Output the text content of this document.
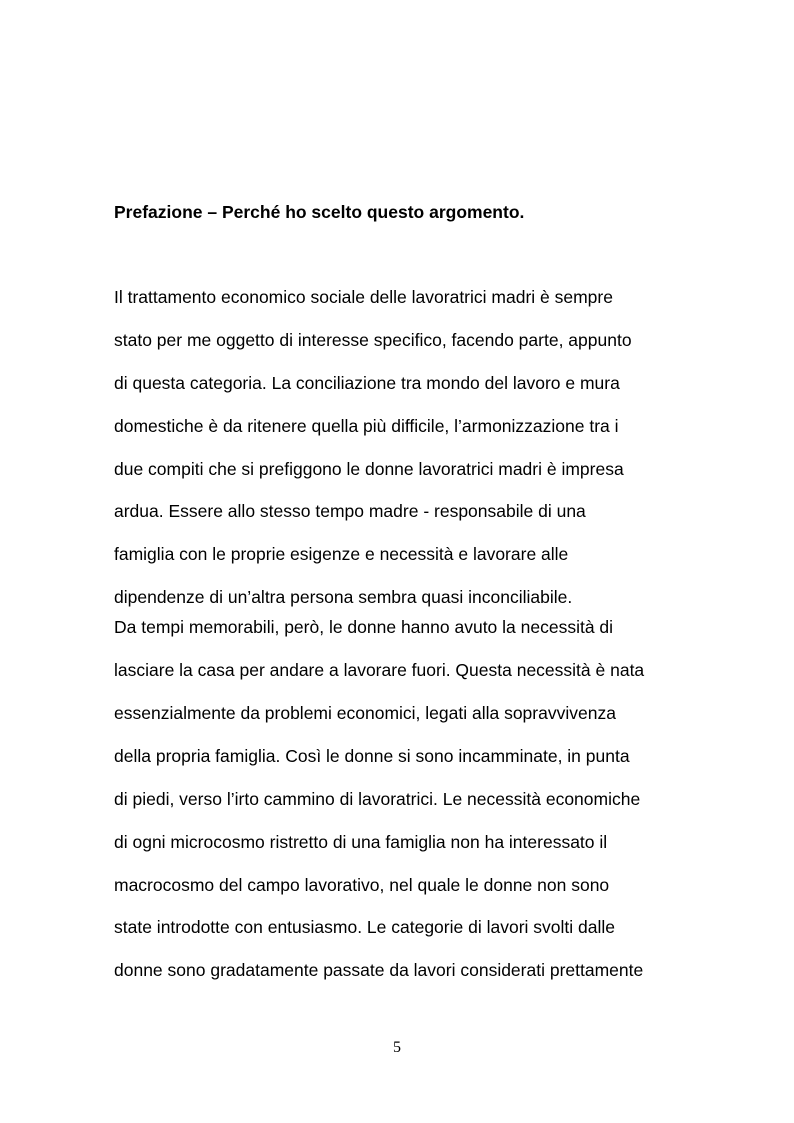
Prefazione – Perché ho scelto questo argomento.
Il trattamento economico sociale delle lavoratrici madri è sempre
stato per me oggetto di interesse specifico, facendo parte, appunto
di questa categoria. La conciliazione tra mondo del lavoro e mura
domestiche è da ritenere quella più difficile, l’armonizzazione tra i
due compiti che si prefiggono le donne lavoratrici madri è impresa
ardua. Essere allo stesso tempo madre - responsabile di una
famiglia con le proprie esigenze e necessità e lavorare alle
dipendenze di un’altra persona sembra quasi inconciliabile.
Da tempi memorabili, però, le donne hanno avuto la necessità di
lasciare la casa per andare a lavorare fuori. Questa necessità è nata
essenzialmente da problemi economici, legati alla sopravvivenza
della propria famiglia. Così le donne si sono incamminate, in punta
di piedi, verso l’irto cammino di lavoratrici. Le necessità economiche
di ogni microcosmo ristretto di una famiglia non ha interessato il
macrocosmo del campo lavorativo, nel quale le donne non sono
state introdotte con entusiasmo. Le categorie di lavori svolti dalle
donne sono gradatamente passate da lavori considerati prettamente
5
